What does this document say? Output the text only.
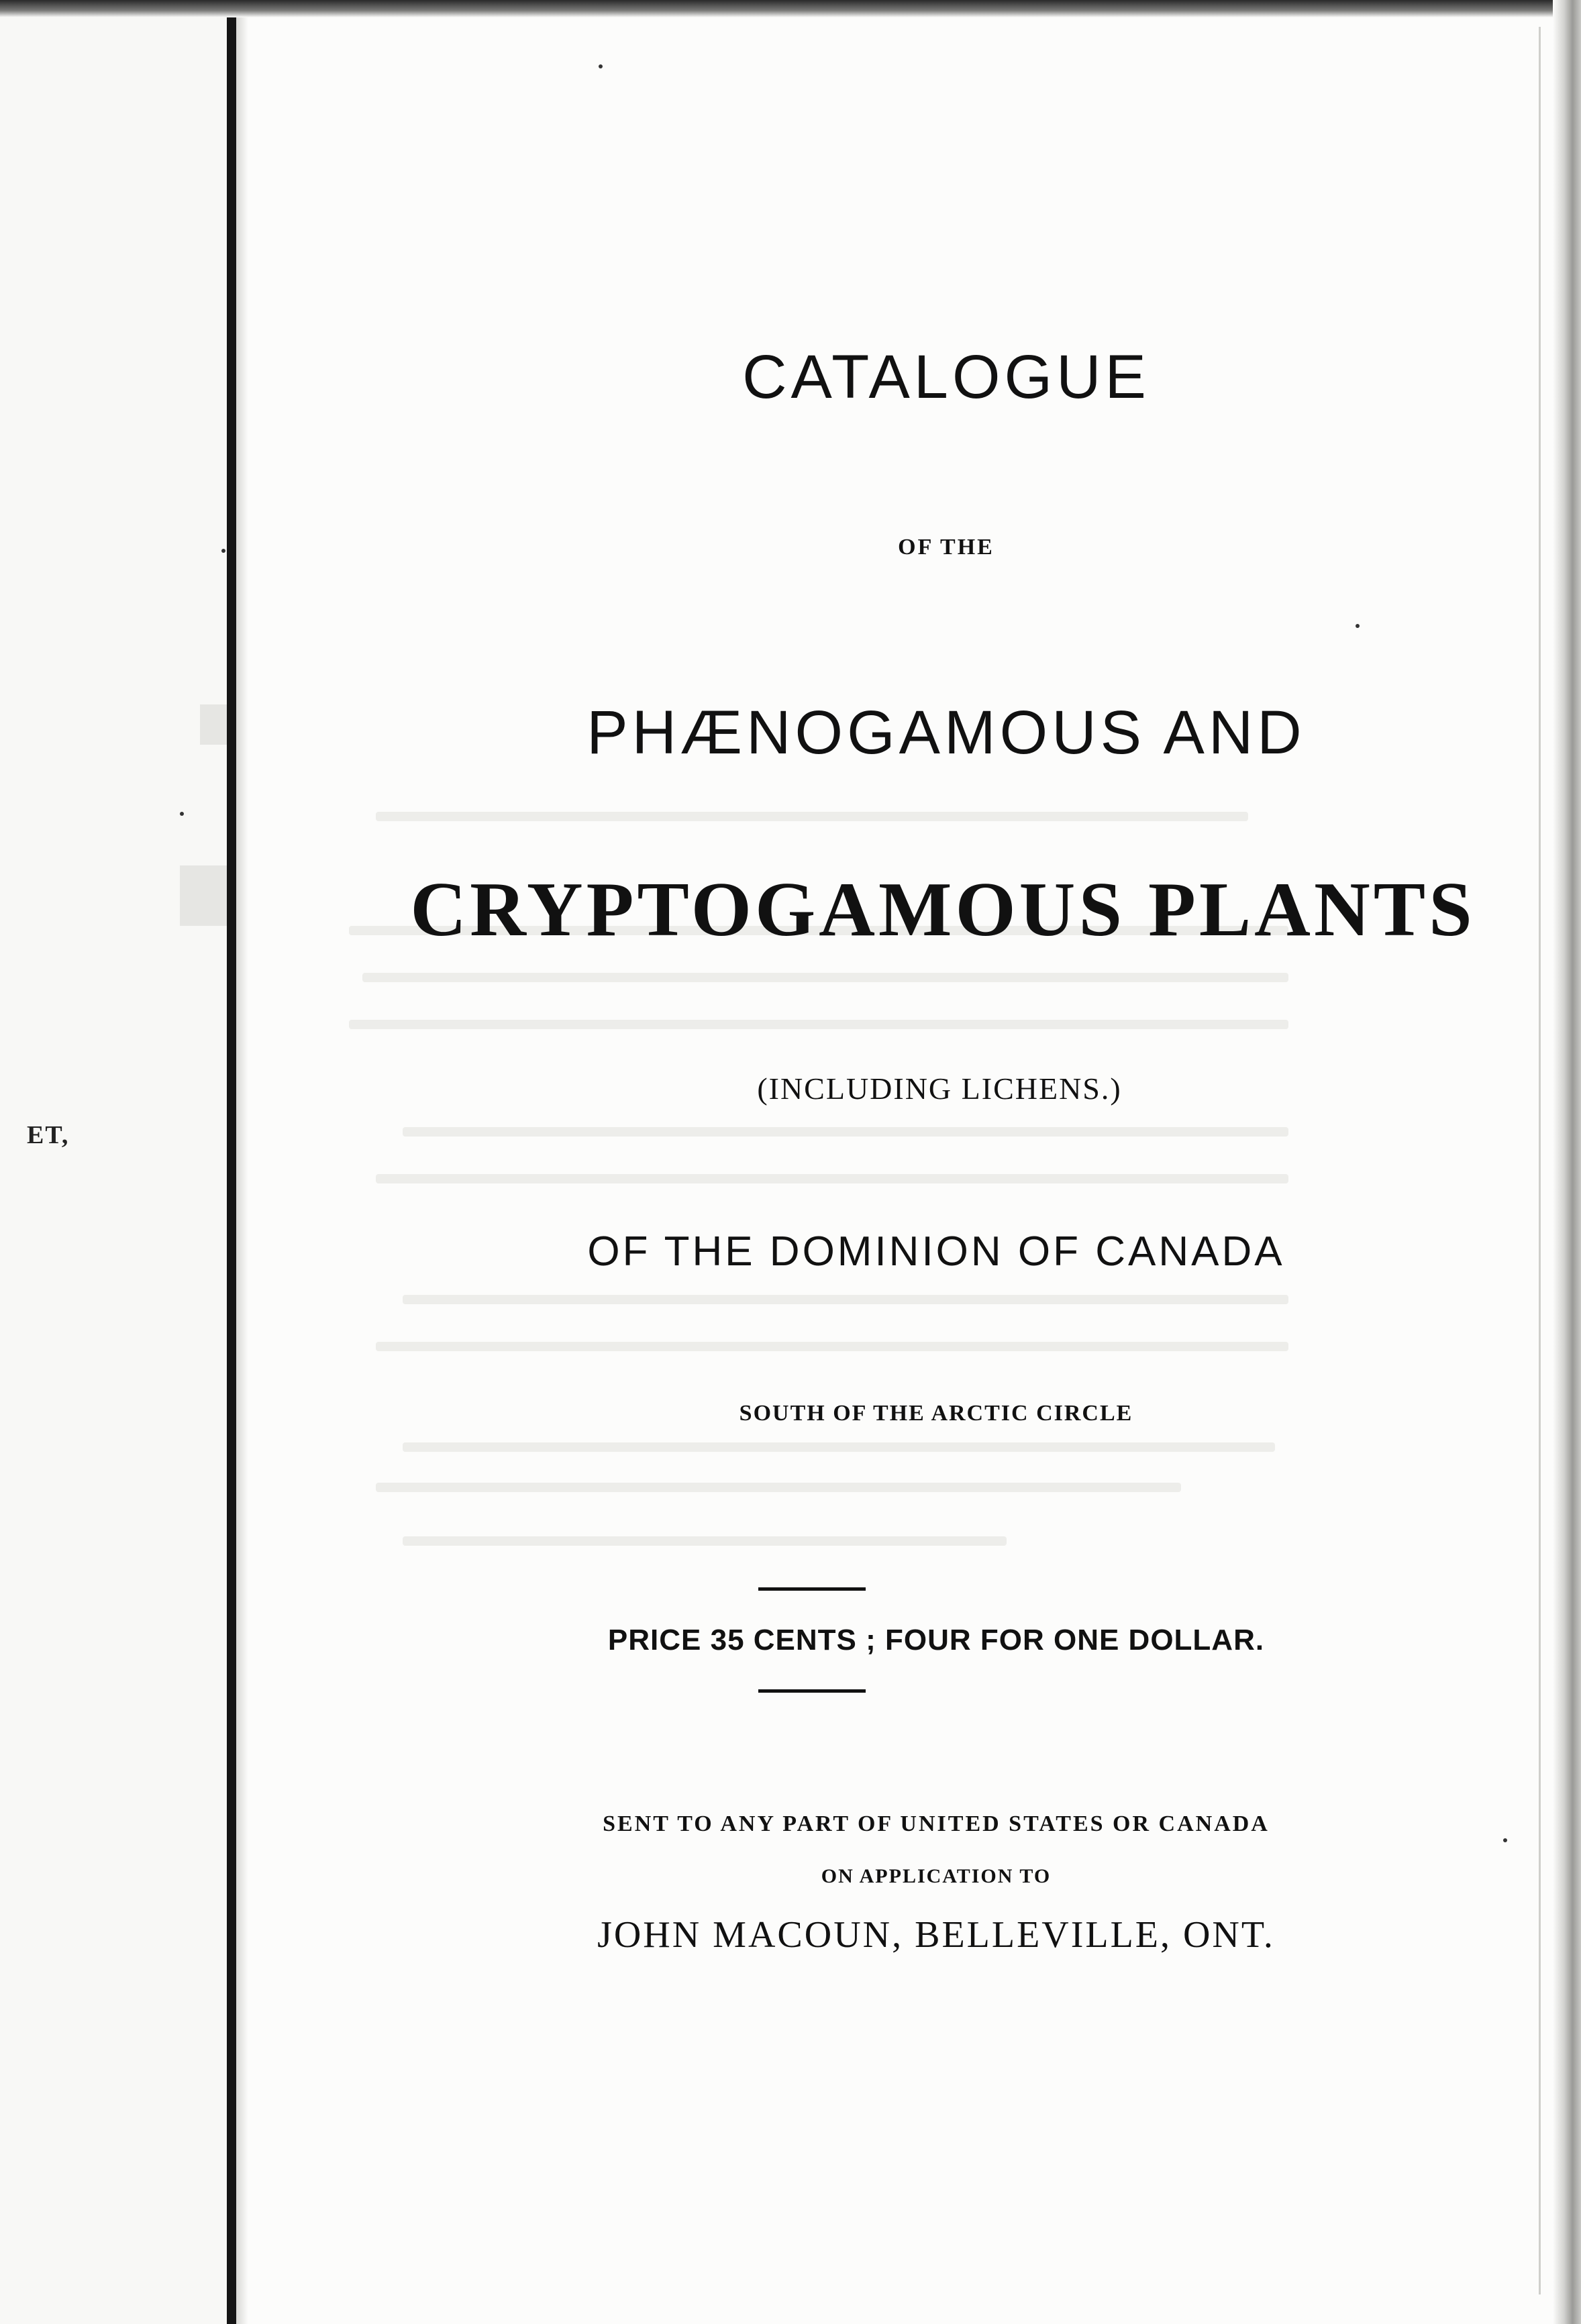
ET,
CATALOGUE
OF THE
PHÆNOGAMOUS AND
CRYPTOGAMOUS PLANTS
(INCLUDING LICHENS.)
OF THE DOMINION OF CANADA
SOUTH OF THE ARCTIC CIRCLE
PRICE 35 CENTS ; FOUR FOR ONE DOLLAR.
SENT TO ANY PART OF UNITED STATES OR CANADA
ON APPLICATION TO
JOHN MACOUN, BELLEVILLE, ONT.
